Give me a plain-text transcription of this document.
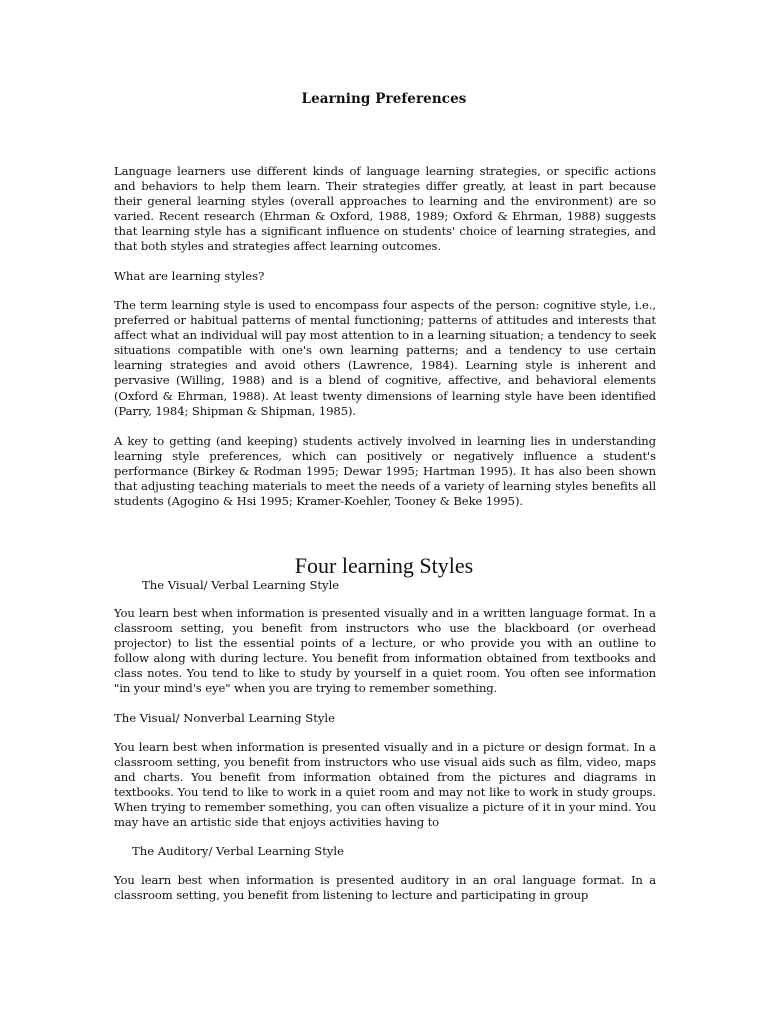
Learning Preferences

Language learners use different kinds of language learning strategies, or specific actions and behaviors to help them learn. Their strategies differ greatly, at least in part because their general learning styles (overall approaches to learning and the environment) are so varied. Recent research (Ehrman & Oxford, 1988, 1989; Oxford & Ehrman, 1988) suggests that learning style has a significant influence on students' choice of learning strategies, and that both styles and strategies affect learning outcomes.

What are learning styles?

The term learning style is used to encompass four aspects of the person: cognitive style, i.e., preferred or habitual patterns of mental functioning; patterns of attitudes and interests that affect what an individual will pay most attention to in a learning situation; a tendency to seek situations compatible with one's own learning patterns; and a tendency to use certain learning strategies and avoid others (Lawrence, 1984). Learning style is inherent and pervasive (Willing, 1988) and is a blend of cognitive, affective, and behavioral elements (Oxford & Ehrman, 1988). At least twenty dimensions of learning style have been identified (Parry, 1984; Shipman & Shipman, 1985).

A key to getting (and keeping) students actively involved in learning lies in understanding learning style preferences, which can positively or negatively influence a student's performance (Birkey & Rodman 1995; Dewar 1995; Hartman 1995). It has also been shown that adjusting teaching materials to meet the needs of a variety of learning styles benefits all students (Agogino & Hsi 1995; Kramer-Koehler, Tooney & Beke 1995).

Four learning Styles

The Visual/ Verbal Learning Style

You learn best when information is presented visually and in a written language format. In a classroom setting, you benefit from instructors who use the blackboard (or overhead projector) to list the essential points of a lecture, or who provide you with an outline to follow along with during lecture. You benefit from information obtained from textbooks and class notes. You tend to like to study by yourself in a quiet room. You often see information "in your mind's eye" when you are trying to remember something.

The Visual/ Nonverbal Learning Style

You learn best when information is presented visually and in a picture or design format. In a classroom setting, you benefit from instructors who use visual aids such as film, video, maps and charts. You benefit from information obtained from the pictures and diagrams in textbooks. You tend to like to work in a quiet room and may not like to work in study groups. When trying to remember something, you can often visualize a picture of it in your mind. You may have an artistic side that enjoys activities having to

The Auditory/ Verbal Learning Style

You learn best when information is presented auditory in an oral language format. In a classroom setting, you benefit from listening to lecture and participating in group
